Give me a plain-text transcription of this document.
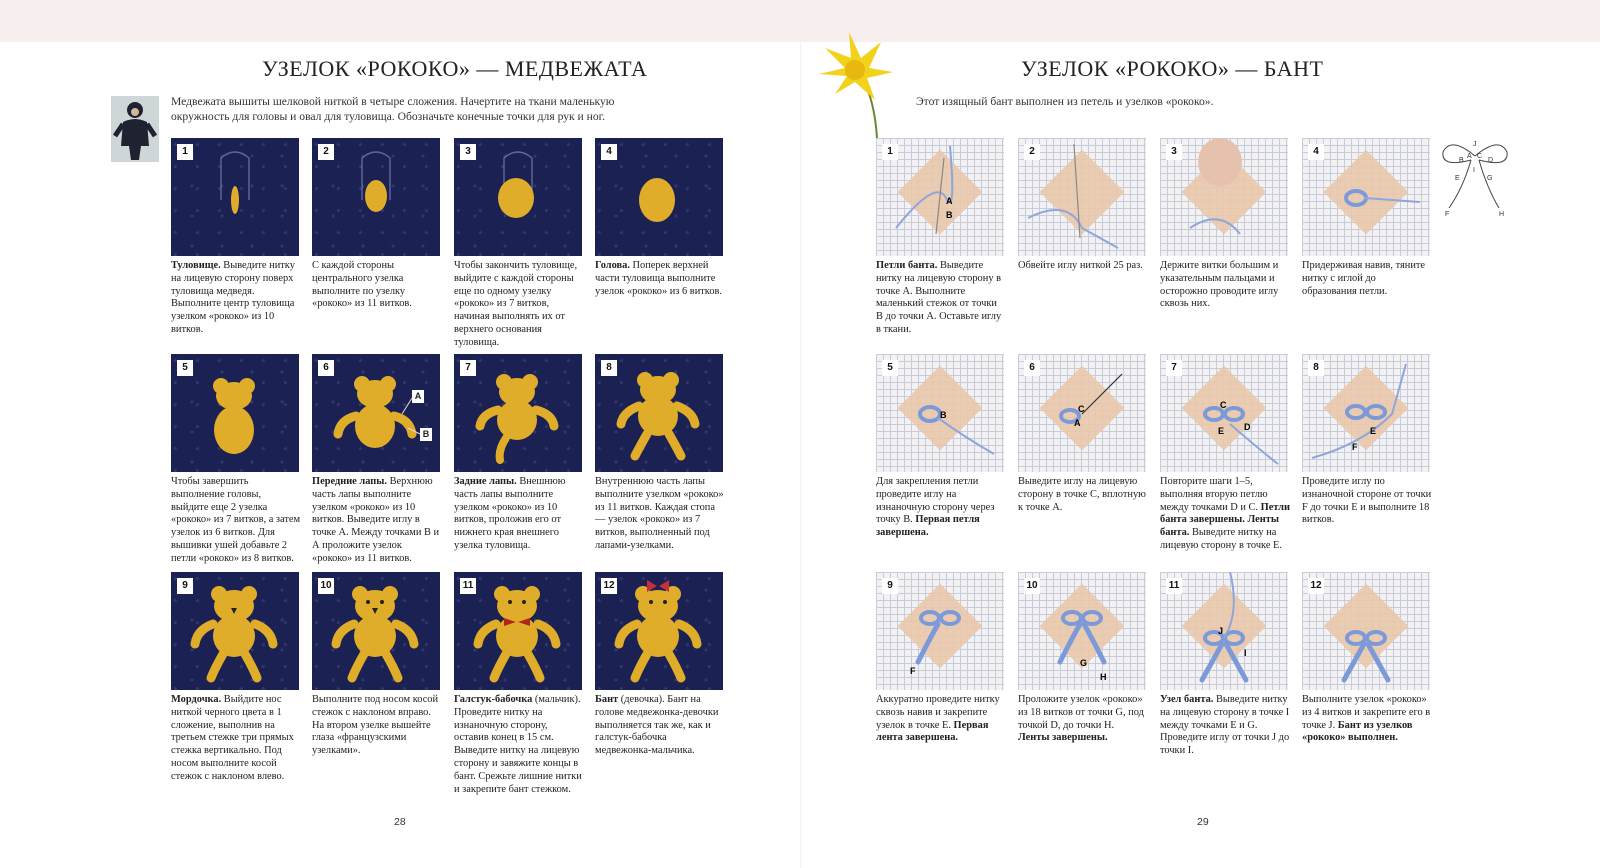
УЗЕЛОК «РОКОКО» — МЕДВЕЖАТА
Медвежата вышиты шелковой ниткой в четыре сложения. Начертите на ткани маленькую
окружность для головы и овал для туловища. Обозначьте конечные точки для рук и ног.
1	2	3	4
Туловище. Выведите нитку на лицевую сторону поверх туловища медведя. Выполните центр туловища узелком «рококо» из 10 витков.
С каждой стороны центрального узелка выполните по узелку «рококо» из 11 витков.
Чтобы закончить туловище, выйдите с каждой стороны еще по одному узелку «рококо» из 7 витков, начиная выполнять их от верхнего основания туловища.
Голова. Поперек верхней части туловища выполните узелок «рококо» из 6 витков.
5
A
B
6	7	8
Чтобы завершить выполнение головы, выйдите еще 2 узелка «рококо» из 7 витков, а затем узелок из 6 витков. Для вышивки ушей добавьте 2 петли «рококо» из 8 витков.
Передние лапы. Верхнюю часть лапы выполните узелком «рококо» из 10 витков. Выведите иглу в точке А. Между точками В и А проложите узелок «рококо» из 11 витков.
Задние лапы. Внешнюю часть лапы выполните узелком «рококо» из 10 витков, проложив его от нижнего края внешнего узелка туловища.
Внутреннюю часть лапы выполните узелком «рококо» из 11 витков. Каждая стопа — узелок «рококо» из 7 витков, выполненный под лапами-узелками.
9	10	11	12
Мордочка. Выйдите нос ниткой черного цвета в 1 сложение, выполнив на третьем стежке три прямых стежка вертикально. Под носом выполните косой стежок с наклоном влево.
Выполните под носом косой стежок с наклоном вправо. На втором узелке вышейте глаза «французскими узелками».
Галстук-бабочка (мальчик). Проведите нитку на изнаночную сторону, оставив конец в 15 см. Выведите нитку на лицевую сторону и завяжите концы в бант. Срежьте лишние нитки и закрепите бант стежком.
Бант (девочка). Бант на голове медвежонка-девочки выполняется так же, как и галстук-бабочка медвежонка-мальчика.
28
УЗЕЛОК «РОКОКО» — БАНТ
Этот изящный бант выполнен из петель и узелков «рококо».
J
B
A C
D
E	G
I
F	H
A
B
1	2	3	4
Петли банта. Выведите нитку на лицевую сторону в точке А. Выполните маленький стежок от точки В до точки А. Оставьте иглу в ткани.
Обвейте иглу ниткой 25 раз.	Держите витки большим и указательным пальцами и осторожно проводите иглу сквозь них.
Придерживая навив, тяните нитку с иглой до образования петли.
B
5
C
A
6
C
E D
7
E
F
8
Для закрепления петли проведите иглу на изнаночную сторону через точку В. Первая петля завершена.
Выведите иглу на лицевую сторону в точке С, вплотную к точке А.
Повторите шаги 1–5, выполняя вторую петлю между точками D и С. Петли банта завершены. Ленты банта. Выведите нитку на лицевую сторону в точке Е.
Проведите иглу по изнаночной стороне от точки F до точки Е и выполните 18 витков.
F
9
G
H
10
J
I
11	12
Аккуратно проведите нитку сквозь навив и закрепите узелок в точке Е. Первая лента завершена.
Проложите узелок «рококо» из 18 витков от точки G, под точкой D, до точки Н. Ленты завершены.
Узел банта. Выведите нитку на лицевую сторону в точке I между точками Е и G. Проведите иглу от точки J до точки I.
Выполните узелок «рококо» из 4 витков и закрепите его в точке J. Бант из узелков «рококо» выполнен.
29
